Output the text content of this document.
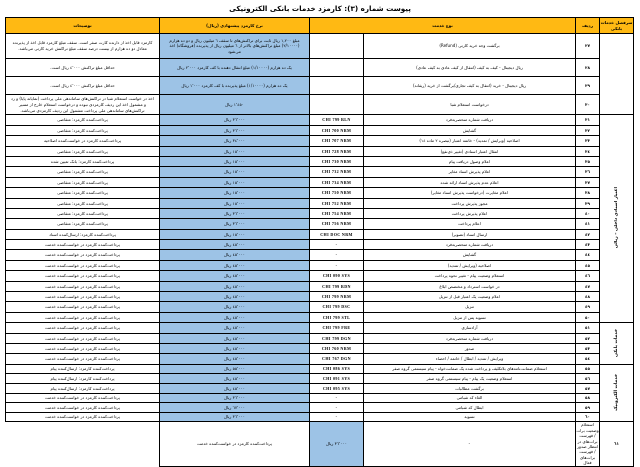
پیوست شماره (٣): کارمزد خدمات بانکی الکترونیکی
سرفصل خدمات بانکی	ردیف	نوع خدمت		نرخ کارمزد پیشنهادی (ریال)	توضیحات
	٢٧	برگشت وجه خرید کارتی (Refund)		مبلغ ١,٢٠٠ ریال ثابت برای تراکنش‌های تا سقف ٦ میلیون ریال و دو ده هزارم (٢/١٠٠٠٠) مبلغ تراکنش‌های بالاتر از ٦ میلیون ریال از پذیرنده (فروشگاه) اخذ می‌شود	کارمزد قابل اخذ از دارنده کارت صفر است. سقف مبلغ کارمزد قابل اخذ از پذیرنده معادل دو ده هزارم از بیست درصد سقف مبلغ تراکنش خرید کارتی می‌باشد.
	٢٨	ریال دیجیتال - کیف به کیف (انتقال از کیف عادی به کیف عادی)		یک ده هزارم (١/١٠٠٠٠) مبلغ انتقال دهنده با کف کارمزد ٢٬٠٠٠ ریال	حداقل مبلغ تراکنش ٤٬٠٠٠ ریال است.
	٢٩	ریال دیجیتال - خرید (انتقال به کیف تجاری/برگشت از خرید (ریفاند)		یک ده هزارم (١/١٠٠٠٠) مبلغ پذیرنده با کف کارمزد ١٬٠٠٠ ریال	حداقل مبلغ تراکنش ٤٬٠٠٠ ریال است.
	٣٠	درخواست استعلام شبا		١٬٤٥٠ ریال	اخذ در خواست استعلام شبا در تراکنش‌های ساماندهی ملی پرداخت (نمایانه پایا) و رد و مشمول اخذ این ردیف کارمزدی نبوده و درخواست استعلام خارج از مسیر تراکنش‌های ساماندهی ملی پرداخت مشمول این ردیف کارمزدی می‌باشد.
اعتبار اسنادی داخلی – ریالی	٣١	دریافت شماره منحصربه‌فرد	CHI 799 RLN	٣٦٬٠٠٠ ریال	پرداخت‌کننده کارمزد: متقاضی
	٣٢	گشایش	CHI 700 NRM	٣٦٬٠٠٠ ریال	پرداخت‌کننده کارمزد: متقاضی
	٣٣	اصلاحیه (ویرایش / تمدید) - خاتمه اعتبار (تبصره ٢ ماده ١٤)	CHI 707 NRM	٣٤٬٠٠٠ ریال	پرداخت‌کننده کارمزد در خواست‌کننده اصلاحیه
	٣٤	انتقال اعتبار اسنادی (تغییر ذی‌نفع)	CHI 728 NRM	١٥٬٠٠٠ ریال	پرداخت‌کننده کارمزد: متقاضی
	٣٥	اعلام وصول دریافت پیام	CHI 730 NRM	١٥٬٠٠٠ ریال	پرداخت‌کننده کارمزد: بانک تعیین شده
	٣٦	اعلام پذیرش اسناد مغایر	CHI 732 NRM	١٥٬٠٠٠ ریال	پرداخت‌کننده کارمزد: متقاضی
	٣٧	اعلام عدم پذیرش اسناد ارائه شده	CHI 734 NRM	١٥٬٠٠٠ ریال	پرداخت‌کننده کارمزد: متقاضی
	٣٨	اعلام مغایرت (درخواست پذیرش اسناد مغایر)	CHI 750 NRM	١٥٬٠٠٠ ریال	پرداخت‌کننده کارمزد: متقاضی
	٣٩	مجوز پذیرش پرداخت	CHI 752 NRM	١٥٬٠٠٠ ریال	پرداخت‌کننده کارمزد: متقاضی
	٤٠	اعلام پذیرش پرداخت	CHI 754 NRM	٣٦٬٠٠٠ ریال	پرداخت‌کننده کارمزد: متقاضی
	٤١	اعلام پرداخت	CHI 756 NRM	٣٦٬٠٠٠ ریال	پرداخت‌کننده کارمزد: متقاضی
	٤٢	ارسال اسناد (تصویر)	CHI DOC NRM	١٥٬٠٠٠ ریال	پرداخت‌کننده کارمزد: ارسال‌کننده اسناد
	٤٣	دریافت شماره منحصربه‌فرد	-	٤٥٬٠٠٠ ریال	پرداخت‌کننده کارمزد در خواست‌کننده خدمت
	٤٤	گشایش	-	٤٥٬٠٠٠ ریال	پرداخت‌کننده کارمزد در خواست‌کننده خدمت
	٤٥	اصلاحیه (ویرایش / تمدید)	-	٤٥٬٠٠٠ ریال	پرداخت‌کننده کارمزد در خواست‌کننده خدمت
	٤٦	استعلام وضعیت پیام - تغییر نحوه پرداخت	CHI 090 SYS	٤٥٬٠٠٠ ریال	پرداخت‌کننده کارمزد در خواست‌کننده خدمت
	٤٧	در خواست استرداد و مختصص ابلاغ	CHI 799 RDN	٤٥٬٠٠٠ ریال	پرداخت‌کننده کارمزد در خواست‌کننده خدمت
	٤٨	اعلام وضعیت یک اعتبار قبل از تنزیل	CHI 799 NRM	٤٥٬٠٠٠ ریال	پرداخت‌کننده کارمزد در خواست‌کننده خدمت
	٤٩	تنزیل	CHI 799 DSC	٤٥٬٠٠٠ ریال	پرداخت‌کننده کارمزد در خواست‌کننده خدمت
	٥٠	تسویه پس از تنزیل	CHI 799 STL	٤٥٬٠٠٠ ریال	پرداخت‌کننده کارمزد در خواست‌کننده خدمت
خدمات بانکی	٥١	آزادسازی	CHI 799 FRE	٤٥٬٠٠٠ ریال	پرداخت‌کننده کارمزد در خواست‌کننده خدمت
	٥٢	دریافت شماره منحصربه‌فرد	CHI 799 DGN	٤٥٬٠٠٠ ریال	پرداخت‌کننده کارمزد در خواست‌کننده خدمت
	٥٣	صدور	CHI 760 NRM	٤٥٬٠٠٠ ریال	پرداخت‌کننده کارمزد در خواست‌کننده خدمت
	٥٤	ویرایش / تمدید / ابطال / خاتمه / احصاء	CHI 767 DGN	٤٥٬٠٠٠ ریال	پرداخت‌کننده کارمزد در خواست‌کننده خدمت
خدمات الکترونیک	٥٥	استعلام ضمانت‌نامه‌های بلاتکلیف و پرداخت شده یک ضمانت‌خواه - پیام سیستمی گروه صفر	CHI 086 SYS	٥٥٬٠٠٠ ریال	پرداخت‌کننده کارمزد: ارسال‌کننده پیام
	٥٦	استعلام وضعیت یک پیام - پیام سیستمی گروه صفر	CHI 091 SYS	٤٥٬٠٠٠ ریال	پرداخت‌کننده کارمزد: ارسال‌کننده پیام
	٥٧	برگشت مطالبات	CHI 095 SYS	٤٥٬٠٠٠ ریال	پرداخت‌کننده کارمزد: ارسال‌کننده پیام
	٥٨	الغاء کد شبامی	-	٣٦٬٠٠٠ ریال	پرداخت‌کننده کارمزد در خواست‌کننده خدمت
	٥٩	ابطال کد شبامی	-	٦٧٬٠٠٠ ریال	پرداخت‌کننده کارمزد در خواست‌کننده خدمت
	٦٠	تسویه	-	٣٦٬٠٠٠ ریال	پرداخت‌کننده کارمزد در خواست‌کننده خدمت
٦١	استعلام وضعیت برات / فهرست برات‌های در انتظار صدور / فهرست برات‌های فعال	-	٣٦٬٠٠٠ ریال	پرداخت‌کننده کارمزد در خواست‌کننده خدمت	
